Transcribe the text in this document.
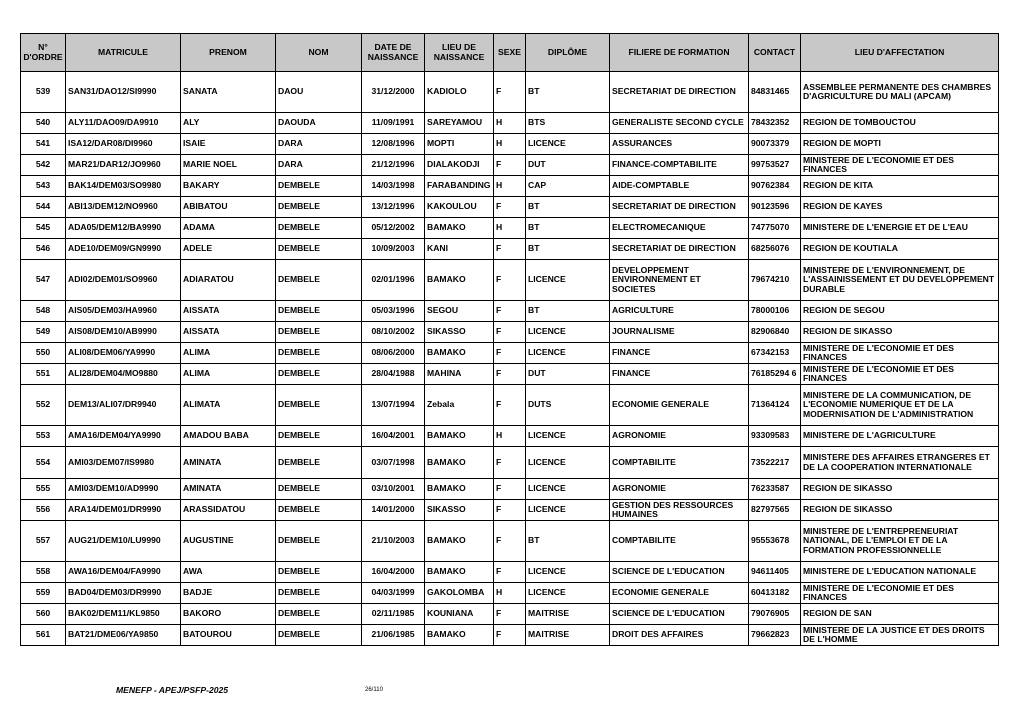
N° D'ORDRE	MATRICULE	PRENOM	NOM	DATE DE NAISSANCE	LIEU DE NAISSANCE	SEXE	DIPLÔME	FILIERE DE FORMATION	CONTACT	LIEU D'AFFECTATION
539	SAN31/DAO12/SI9990	SANATA	DAOU	31/12/2000	KADIOLO	F	BT	SECRETARIAT DE DIRECTION	84831465	ASSEMBLEE PERMANENTE DES CHAMBRES D'AGRICULTURE DU MALI (APCAM)
540	ALY11/DAO09/DA9910	ALY	DAOUDA	11/09/1991	SAREYAMOU	H	BTS	GENERALISTE SECOND CYCLE	78432352	REGION DE TOMBOUCTOU
541	ISA12/DAR08/DI9960	ISAIE	DARA	12/08/1996	MOPTI	H	LICENCE	ASSURANCES	90073379	REGION DE MOPTI
542	MAR21/DAR12/JO9960	MARIE NOEL	DARA	21/12/1996	DIALAKODJI	F	DUT	FINANCE-COMPTABILITE	99753527	MINISTERE DE L'ECONOMIE ET DES FINANCES
543	BAK14/DEM03/SO9980	BAKARY	DEMBELE	14/03/1998	FARABANDING	H	CAP	AIDE-COMPTABLE	90762384	REGION DE KITA
544	ABI13/DEM12/NO9960	ABIBATOU	DEMBELE	13/12/1996	KAKOULOU	F	BT	SECRETARIAT DE DIRECTION	90123596	REGION DE KAYES
545	ADA05/DEM12/BA9990	ADAMA	DEMBELE	05/12/2002	BAMAKO	H	BT	ELECTROMECANIQUE	74775070	MINISTERE DE L'ENERGIE ET DE L'EAU
546	ADE10/DEM09/GN9990	ADELE	DEMBELE	10/09/2003	KANI	F	BT	SECRETARIAT DE DIRECTION	68256076	REGION DE KOUTIALA
547	ADI02/DEM01/SO9960	ADIARATOU	DEMBELE	02/01/1996	BAMAKO	F	LICENCE	DEVELOPPEMENT ENVIRONNEMENT ET SOCIETES	79674210	MINISTERE DE L'ENVIRONNEMENT, DE L'ASSAINISSEMENT ET DU DEVELOPPEMENT DURABLE
548	AIS05/DEM03/HA9960	AISSATA	DEMBELE	05/03/1996	SEGOU	F	BT	AGRICULTURE	78000106	REGION DE SEGOU
549	AIS08/DEM10/AB9990	AISSATA	DEMBELE	08/10/2002	SIKASSO	F	LICENCE	JOURNALISME	82906840	REGION DE SIKASSO
550	ALI08/DEM06/YA9990	ALIMA	DEMBELE	08/06/2000	BAMAKO	F	LICENCE	FINANCE	67342153	MINISTERE DE L'ECONOMIE ET DES FINANCES
551	ALI28/DEM04/MO9880	ALIMA	DEMBELE	28/04/1988	MAHINA	F	DUT	FINANCE	76185294 6	MINISTERE DE L'ECONOMIE ET DES FINANCES
552	DEM13/ALI07/DR9940	ALIMATA	DEMBELE	13/07/1994	Zebala	F	DUTS	ECONOMIE GENERALE	71364124	MINISTERE DE LA COMMUNICATION, DE L'ECONOMIE NUMERIQUE ET DE LA MODERNISATION DE L'ADMINISTRATION
553	AMA16/DEM04/YA9990	AMADOU BABA	DEMBELE	16/04/2001	BAMAKO	H	LICENCE	AGRONOMIE	93309583	MINISTERE DE L'AGRICULTURE
554	AMI03/DEM07/IS9980	AMINATA	DEMBELE	03/07/1998	BAMAKO	F	LICENCE	COMPTABILITE	73522217	MINISTERE DES AFFAIRES ETRANGERES ET DE LA COOPERATION INTERNATIONALE
555	AMI03/DEM10/AD9990	AMINATA	DEMBELE	03/10/2001	BAMAKO	F	LICENCE	AGRONOMIE	76233587	REGION DE SIKASSO
556	ARA14/DEM01/DR9990	ARASSIDATOU	DEMBELE	14/01/2000	SIKASSO	F	LICENCE	GESTION DES RESSOURCES HUMAINES	82797565	REGION DE SIKASSO
557	AUG21/DEM10/LU9990	AUGUSTINE	DEMBELE	21/10/2003	BAMAKO	F	BT	COMPTABILITE	95553678	MINISTERE DE L'ENTREPRENEURIAT NATIONAL, DE L'EMPLOI ET DE LA FORMATION PROFESSIONNELLE
558	AWA16/DEM04/FA9990	AWA	DEMBELE	16/04/2000	BAMAKO	F	LICENCE	SCIENCE DE L'EDUCATION	94611405	MINISTERE DE L'EDUCATION NATIONALE
559	BAD04/DEM03/DR9990	BADJE	DEMBELE	04/03/1999	GAKOLOMBA	H	LICENCE	ECONOMIE GENERALE	60413182	MINISTERE DE L'ECONOMIE ET DES FINANCES
560	BAK02/DEM11/KL9850	BAKORO	DEMBELE	02/11/1985	KOUNIANA	F	MAITRISE	SCIENCE DE L'EDUCATION	79076905	REGION DE SAN
561	BAT21/DME06/YA9850	BATOUROU	DEMBELE	21/06/1985	BAMAKO	F	MAITRISE	DROIT DES AFFAIRES	79662823	MINISTERE DE LA JUSTICE ET DES DROITS DE L'HOMME
MENEFP - APEJ/PSFP-2025	26/110
